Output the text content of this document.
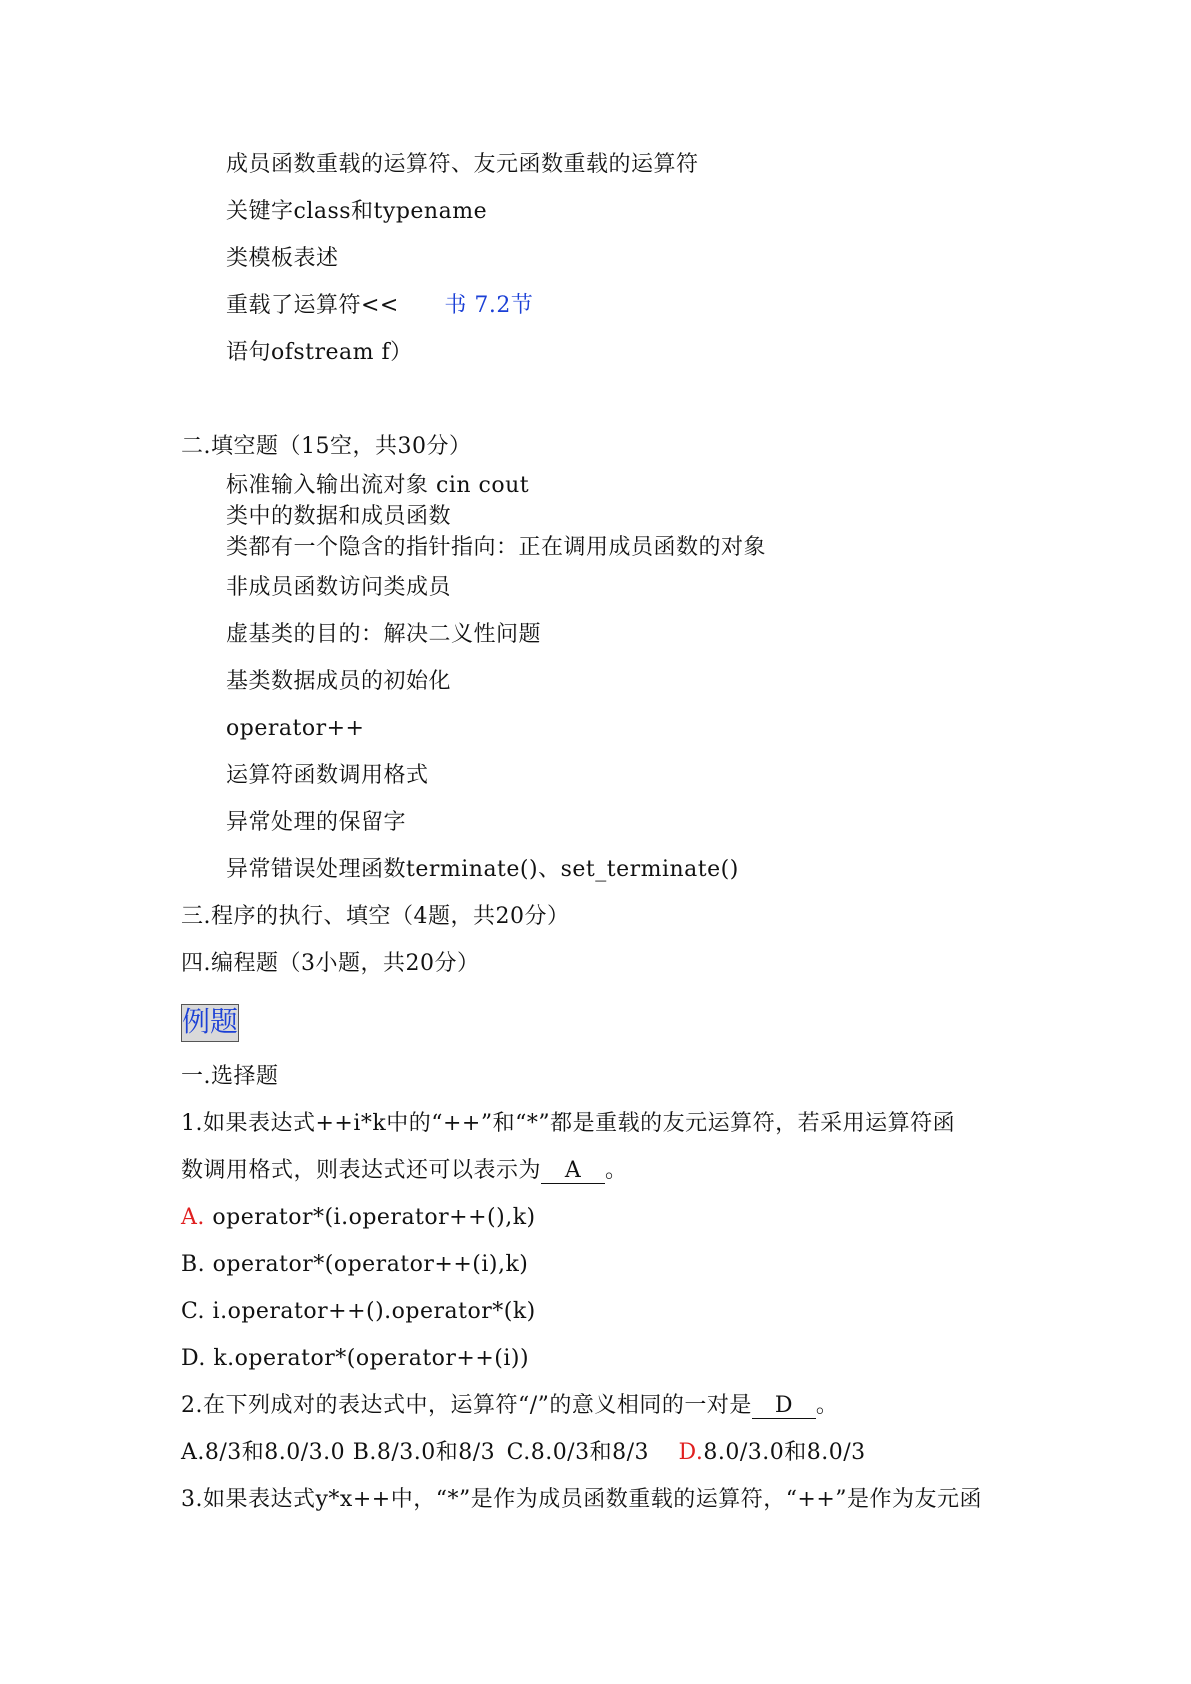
成员函数重载的运算符、友元函数重载的运算符
关键字class和typename
类模板表述
重载了运算符<< 书 7.2节
语句ofstream f）
二.填空题（15空，共30分）
标准输入输出流对象 cin cout
类中的数据和成员函数
类都有一个隐含的指针指向：正在调用成员函数的对象
非成员函数访问类成员
虚基类的目的：解决二义性问题
基类数据成员的初始化
operator++
运算符函数调用格式
异常处理的保留字
异常错误处理函数terminate()、set_terminate()
三.程序的执行、填空（4题，共20分）
四.编程题（3小题，共20分）
例题
一.选择题
1.如果表达式++i*k中的“++”和“*”都是重载的友元运算符，若采用运算符函
数调用格式，则表达式还可以表示为 A 。
A. operator*(i.operator++(),k)
B. operator*(operator++(i),k)
C. i.operator++().operator*(k)
D. k.operator*(operator++(i))
2.在下列成对的表达式中，运算符“/”的意义相同的一对是 D 。
A.8/3和8.0/3.0 B.8/3.0和8/3 C.8.0/3和8/3 D.8.0/3.0和8.0/3
3.如果表达式y*x++中，“*”是作为成员函数重载的运算符，“++”是作为友元函
